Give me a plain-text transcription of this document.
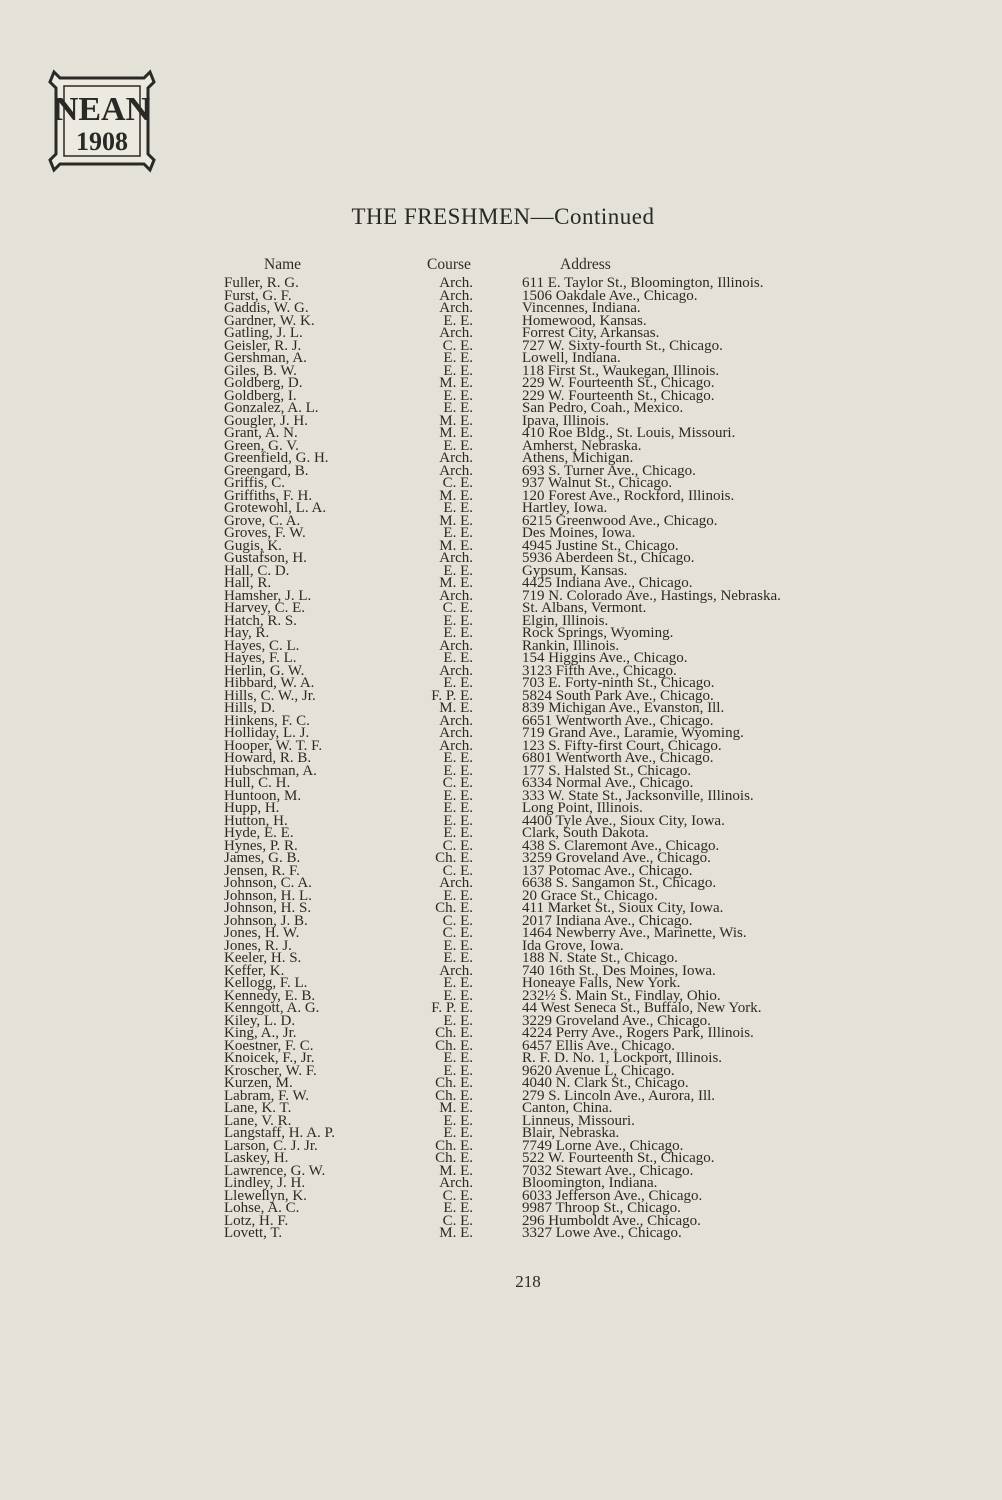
NEAN
1908
THE FRESHMEN—Continued
Name	Course	Address
Fuller, R. G.	Arch.	611 E. Taylor St., Bloomington, Illinois.
Furst, G. F.	Arch.	1506 Oakdale Ave., Chicago.
Gaddis, W. G.	Arch.	Vincennes, Indiana.
Gardner, W. K.	E. E.	Homewood, Kansas.
Gatling, J. L.	Arch.	Forrest City, Arkansas.
Geisler, R. J.	C. E.	727 W. Sixty-fourth St., Chicago.
Gershman, A.	E. E.	Lowell, Indiana.
Giles, B. W.	E. E.	118 First St., Waukegan, Illinois.
Goldberg, D.	M. E.	229 W. Fourteenth St., Chicago.
Goldberg, I.	E. E.	229 W. Fourteenth St., Chicago.
Gonzalez, A. L.	E. E.	San Pedro, Coah., Mexico.
Gougler, J. H.	M. E.	Ipava, Illinois.
Grant, A. N.	M. E.	410 Roe Bldg., St. Louis, Missouri.
Green, G. V.	E. E.	Amherst, Nebraska.
Greenfield, G. H.	Arch.	Athens, Michigan.
Greengard, B.	Arch.	693 S. Turner Ave., Chicago.
Griffis, C.	C. E.	937 Walnut St., Chicago.
Griffiths, F. H.	M. E.	120 Forest Ave., Rockford, Illinois.
Grotewohl, L. A.	E. E.	Hartley, Iowa.
Grove, C. A.	M. E.	6215 Greenwood Ave., Chicago.
Groves, F. W.	E. E.	Des Moines, Iowa.
Gugis, K.	M. E.	4945 Justine St., Chicago.
Gustafson, H.	Arch.	5936 Aberdeen St., Chicago.
Hall, C. D.	E. E.	Gypsum, Kansas.
Hall, R.	M. E.	4425 Indiana Ave., Chicago.
Hamsher, J. L.	Arch.	719 N. Colorado Ave., Hastings, Nebraska.
Harvey, C. E.	C. E.	St. Albans, Vermont.
Hatch, R. S.	E. E.	Elgin, Illinois.
Hay, R.	E. E.	Rock Springs, Wyoming.
Hayes, C. L.	Arch.	Rankin, Illinois.
Hayes, F. L.	E. E.	154 Higgins Ave., Chicago.
Herlin, G. W.	Arch.	3123 Fifth Ave., Chicago.
Hibbard, W. A.	E. E.	703 E. Forty-ninth St., Chicago.
Hills, C. W., Jr.	F. P. E.	5824 South Park Ave., Chicago.
Hills, D.	M. E.	839 Michigan Ave., Evanston, Ill.
Hinkens, F. C.	Arch.	6651 Wentworth Ave., Chicago.
Holliday, L. J.	Arch.	719 Grand Ave., Laramie, Wyoming.
Hooper, W. T. F.	Arch.	123 S. Fifty-first Court, Chicago.
Howard, R. B.	E. E.	6801 Wentworth Ave., Chicago.
Hubschman, A.	E. E.	177 S. Halsted St., Chicago.
Hull, C. H.	C. E.	6334 Normal Ave., Chicago.
Huntoon, M.	E. E.	333 W. State St., Jacksonville, Illinois.
Hupp, H.	E. E.	Long Point, Illinois.
Hutton, H.	E. E.	4400 Tyle Ave., Sioux City, Iowa.
Hyde, E. E.	E. E.	Clark, South Dakota.
Hynes, P. R.	C. E.	438 S. Claremont Ave., Chicago.
James, G. B.	Ch. E.	3259 Groveland Ave., Chicago.
Jensen, R. F.	C. E.	137 Potomac Ave., Chicago.
Johnson, C. A.	Arch.	6638 S. Sangamon St., Chicago.
Johnson, H. L.	E. E.	20 Grace St., Chicago.
Johnson, H. S.	Ch. E.	411 Market St., Sioux City, Iowa.
Johnson, J. B.	C. E.	2017 Indiana Ave., Chicago.
Jones, H. W.	C. E.	1464 Newberry Ave., Marinette, Wis.
Jones, R. J.	E. E.	Ida Grove, Iowa.
Keeler, H. S.	E. E.	188 N. State St., Chicago.
Keffer, K.	Arch.	740 16th St., Des Moines, Iowa.
Kellogg, F. L.	E. E.	Honeaye Falls, New York.
Kennedy, E. B.	E. E.	232½ S. Main St., Findlay, Ohio.
Kenngott, A. G.	F. P. E.	44 West Seneca St., Buffalo, New York.
Kiley, L. D.	E. E.	3229 Groveland Ave., Chicago.
King, A., Jr.	Ch. E.	4224 Perry Ave., Rogers Park, Illinois.
Koestner, F. C.	Ch. E.	6457 Ellis Ave., Chicago.
Knoicek, F., Jr.	E. E.	R. F. D. No. 1, Lockport, Illinois.
Kroscher, W. F.	E. E.	9620 Avenue L, Chicago.
Kurzen, M.	Ch. E.	4040 N. Clark St., Chicago.
Labram, F. W.	Ch. E.	279 S. Lincoln Ave., Aurora, Ill.
Lane, K. T.	M. E.	Canton, China.
Lane, V. R.	E. E.	Linneus, Missouri.
Langstaff, H. A. P.	E. E.	Blair, Nebraska.
Larson, C. J. Jr.	Ch. E.	7749 Lorne Ave., Chicago.
Laskey, H.	Ch. E.	522 W. Fourteenth St., Chicago.
Lawrence, G. W.	M. E.	7032 Stewart Ave., Chicago.
Lindley, J. H.	Arch.	Bloomington, Indiana.
Llewellyn, K.	C. E.	6033 Jefferson Ave., Chicago.
Lohse, A. C.	E. E.	9987 Throop St., Chicago.
Lotz, H. F.	C. E.	296 Humboldt Ave., Chicago.
Lovett, T.	M. E.	3327 Lowe Ave., Chicago.
218
